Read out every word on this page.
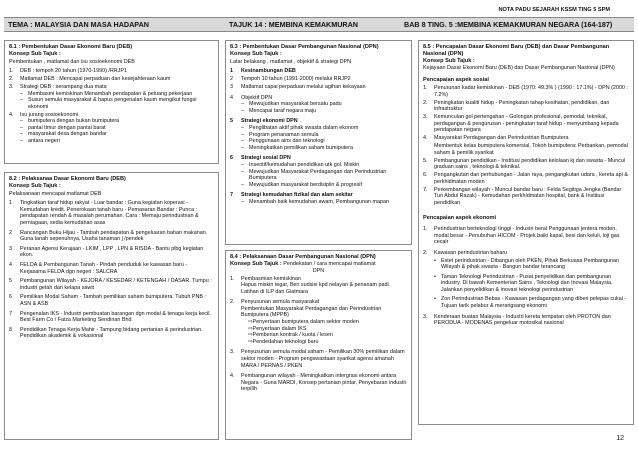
NOTA PADU SEJARAH KSSM TING 5 SPM
TEMA : MALAYSIA DAN MASA HADAPAN	TAJUK 14 : MEMBINA KEMAKMURAN	BAB 8 TING. 5 :MEMBINA KEMAKMURAN NEGARA (164-187)
8.1 : Pembentukan Dasar Ekonomi Baru (DEB)
Konsep Sub Tajuk :
Pembentukan , matlamat dan isu sosioekonomi DEB
1.	DEB : tempoh 20 tahun (1970-1990) /RRJP1
2.	Matlamat DEB : Mencapai perpaduan dan kesejahteraan kaum
3.	Strategi DEB : serampang dua mata
– Membasmi kemiskinan Menambah pendapatan & peluang pekerjaan
– Susun semula masyarakat & hapus pengenalan kaum mengikut fungsi ekonomi
4.	Isu jurang sosioekonomi
– bumiputera dengan bukan bumiputera
– pantai timur dengan pantai barat
– masyarakat desa dengan bandar
– antara negeri
8.2 : Pelaksanaa Dasar Ekonomi Baru (DEB)
Konsep Sub Tajuk :
Pelaksanaan mencapai matlamat DEB
1	Tingkatkan taraf hidup rakyat - Luar bandar : Guna kegiatan koperasi - Kemudahan kredit. Penerokaan tanah baru - Pemasaran Bandar : Punca : pendapatan rendah & masalah perumahan. Cara : Memaju perindustrian & perniagaan, sedia kemudahan asas
2	Rancangan Buku Hijau - Tambah pendapatan & pengeluaran bahan makanan. Guna tanah sepenuhnya, Usaha tanaman j /pendek
3	Peranan Agensi Kerajaan - LKIM , LPP , LPN & RISDA - Bantu plbg kegiatan ekon.
4	FELDA & Pembangunan Tanah - Pindah penduduk ke kawasan baru - Kerjasama FELDA dgn negeri : SALCRA
5	Pembangunan Wilayah - KEJORA / KESEDAR / KETENGAH / DASAR. Tumpu : industri getah dan kelapa sawit
6	Pemilikan Modal Saham - Tambah pemilikan saham bumiputera. Tubuh PNB : ASN & ASB
7	Pengenalan IKS - Industri pembuatan barangan dgn modal & tenaga kerja kecil. Best Farm Co / Faiza Marketing Sendirian Bhd
8	Pendidikan Tenaga Kerja Mahir - Tampung bidang pertanian & perindustrian. Pendidikan akademik & vokasional
8.3 : Pembentukan Dasar Pembangunan Nasional (DPN)
Konsep Sub Tajuk :
Latar belakang , matlamat , objektif & strategi DPN
1	Kesinambungan DEB
2	Tempoh 10 tahun (1991-2000) melalui RRJP2
3	Matlamat capai perpaduan melalui agihan kekayaan
4	Objektif DPN
– Mewujudkan masyarakat bersatu padu
– Mencapai taraf negara maju
5	Strategi ekonomi DPN
– Penglibatan aktif pihak swasta dalam ekonom
– Program penanaman semula
– Penggunaan ains dan teknologi
– Meningkatkan pemilikan saham bumiputera
6	Strategi sosial DPN
– Insentif/kemudahan pendidikan utk gol. Miskin
– Mewujudkan Masyarakat Perdagangan dan Perindustrian Bumiputera
– Mewujudkan masyarakat berdisiplin & progresif
7	Strategi kemudahan fizikal dan alam sekitar
– Menambah baik kemudahan awam, Pembangunan mapan
8.4 : Pelaksanaan Dasar Pembangunan Nasional (DPN)
Konsep Sub Tajuk : Pendekatan / cara mencapai matlamat
DPN
1.	Pembasmian kemiskinan
Hapus miskin tegar, Beri sudsisi kpd nelayan & penanam padi. Latihan di ILP dan Giatmara
2.	Penyusunan semula masyarakat
Pembentukan Masyarakat Perdagangan dan Perindustrian Bumiputera (MPPB)
⇨Penyertaan bumiputera dalam sektor moden
⇨Penyertaan dalam IKS
⇨Pemberian kontrak / kuota / lesen
⇨Pendedahan teknologi baru
3.	Penyusunan semula modal saham - Pemilikan 30% pemilikan dalam sektor moden - Program pengswastaan syarikat agensi amanah MARA / PERNAS / PKEN
4.	Pembangunan wilayah - Meningkatkan intergrasi ekonomi antara Negara - Guna MARDI, Konsep pertanian pintar, Penyebaran industri terpilih
8.5 : Pencapaian Dasar Ekonomi Baru (DEB) dan Dasar Pembangunan Nasional (DPN)
Konsep Sub Tajuk :
Kejayaan Dasar Ekonomi Baru (DEB) dan Dasar Pembangunan Nasional (DPN)
Pencapaian aspek sosial
1.	Penurunan kadar kemiskinan - DEB (1970: 49.3% ) (1990 : 17.1%) - DPN (2000 : 7.2%)
2.	Peningkatan kualiti hidup - Peningkatan tahap kesihatan, pendidikan, dan infrastruktur
3.	Kemunculan gol pertengahan - Golongan profesional, pemodal, teknikal, perdagangan & pengurusan - peningkatan taraf hidup - menyumbang kepada pendapatan negara
4.	Masyarakat Perdagangan dan Perindustrian Bumiputera
Membentuk kelas bumiputera komersial, Tokoh bumiputera: Perbankan, pemodal saham & pemilik syarikat
5.	Pembangunan pendidikan - Institusi pendidikan kelolaan kj dan swasta - Muncul graduan sains , teknologi & teknikal.
6.	Pengangkutan dan perhubungan - Jalan raya, pengangkutan udara , kereta api & perkhidmatan moden
7.	Perkembangan wilayah - Muncul bandar baru : Felda Segitiga Jengka (Bandar Tun Abdul Razak) - Kemudahan perkhidmatan hospital, bank & Institusi pendidikan
Pencapaian aspek ekonomi
1.	Perindustrian berteknologi tinggi - Industri berat Penggunaan jentera moden, modal besar - Penubuhan HICOM - Projek baiki kapal, besi dan keluli, loji gas cecair
2.	Kawasan perindustrian baharu
• Estet perindustrian - Dibangun oleh PKEN, Pihak Berkuasa Pembangunan Wilayah & pihak swasta - Bangun bandar terancang
• Taman Teknologi Perindustrian - Pusat penyelidikan dan pembangunan industry. Di bawah Kementerian Sains , Teknologi dan Inovasi Malaysia. Jalankan penyelidikan & inovasi teknologi perindustrian
• Zon Perindustrian Bebas - Kawasan perdagangan yang diberi pelepas cukai - Tujuan tarik pelabur & merangsang ekonomi
3.	Kenderaan buatan Malaysia - Industri kereta tempatan oleh PROTON dan PERODUA - MODENAS pengeluar motosikal nasional
12
